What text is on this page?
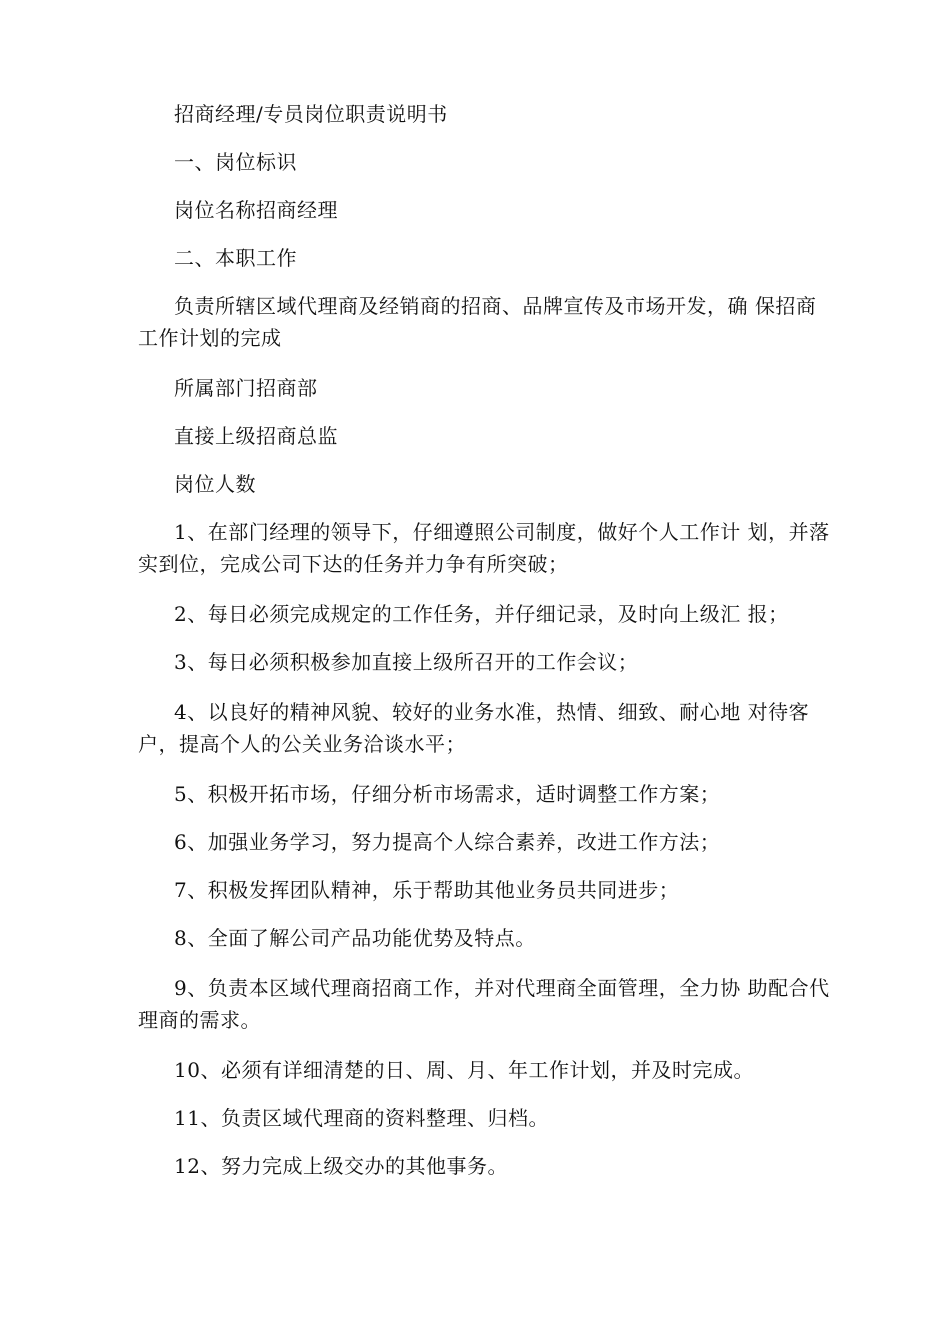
招商经理/专员岗位职责说明书

一、岗位标识

岗位名称招商经理

二、本职工作

负责所辖区域代理商及经销商的招商、品牌宣传及市场开发，确 保招商工作计划的完成

所属部门招商部

直接上级招商总监

岗位人数

1、在部门经理的领导下，仔细遵照公司制度，做好个人工作计 划，并落实到位，完成公司下达的任务并力争有所突破；

2、每日必须完成规定的工作任务，并仔细记录，及时向上级汇 报；

3、每日必须积极参加直接上级所召开的工作会议；

4、以良好的精神风貌、较好的业务水准，热情、细致、耐心地 对待客户，提高个人的公关业务洽谈水平；

5、积极开拓市场，仔细分析市场需求，适时调整工作方案；

6、加强业务学习，努力提高个人综合素养，改进工作方法；

7、积极发挥团队精神，乐于帮助其他业务员共同进步；

8、全面了解公司产品功能优势及特点。

9、负责本区域代理商招商工作，并对代理商全面管理，全力协 助配合代理商的需求。

10、必须有详细清楚的日、周、月、年工作计划，并及时完成。

11、负责区域代理商的资料整理、归档。

12、努力完成上级交办的其他事务。
